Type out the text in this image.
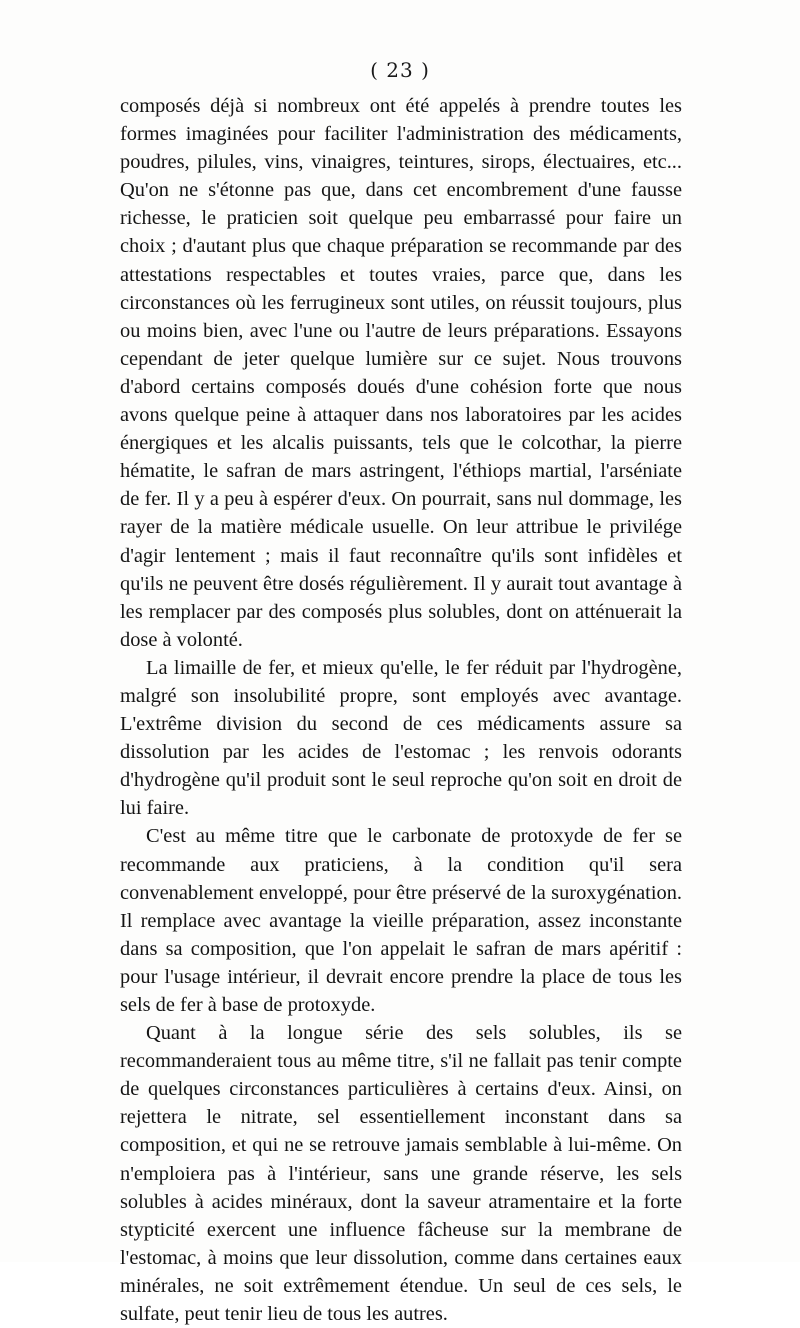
( 23 )

composés déjà si nombreux ont été appelés à prendre toutes les formes imaginées pour faciliter l'administration des médicaments, poudres, pilules, vins, vinaigres, teintures, sirops, électuaires, etc... Qu'on ne s'étonne pas que, dans cet encombrement d'une fausse richesse, le praticien soit quelque peu embarrassé pour faire un choix ; d'autant plus que chaque préparation se recommande par des attestations respectables et toutes vraies, parce que, dans les circonstances où les ferrugineux sont utiles, on réussit toujours, plus ou moins bien, avec l'une ou l'autre de leurs préparations. Essayons cependant de jeter quelque lumière sur ce sujet. Nous trouvons d'abord certains composés doués d'une cohésion forte que nous avons quelque peine à attaquer dans nos laboratoires par les acides énergiques et les alcalis puissants, tels que le colcothar, la pierre hématite, le safran de mars astringent, l'éthiops martial, l'arséniate de fer. Il y a peu à espérer d'eux. On pourrait, sans nul dommage, les rayer de la matière médicale usuelle. On leur attribue le privilége d'agir lentement ; mais il faut reconnaître qu'ils sont infidèles et qu'ils ne peuvent être dosés régulièrement. Il y aurait tout avantage à les remplacer par des composés plus solubles, dont on atténuerait la dose à volonté.

La limaille de fer, et mieux qu'elle, le fer réduit par l'hydrogène, malgré son insolubilité propre, sont employés avec avantage. L'extrême division du second de ces médicaments assure sa dissolution par les acides de l'estomac ; les renvois odorants d'hydrogène qu'il produit sont le seul reproche qu'on soit en droit de lui faire.

C'est au même titre que le carbonate de protoxyde de fer se recommande aux praticiens, à la condition qu'il sera convenablement enveloppé, pour être préservé de la suroxygénation. Il remplace avec avantage la vieille préparation, assez inconstante dans sa composition, que l'on appelait le safran de mars apéritif : pour l'usage intérieur, il devrait encore prendre la place de tous les sels de fer à base de protoxyde.

Quant à la longue série des sels solubles, ils se recommanderaient tous au même titre, s'il ne fallait pas tenir compte de quelques circonstances particulières à certains d'eux. Ainsi, on rejettera le nitrate, sel essentiellement inconstant dans sa composition, et qui ne se retrouve jamais semblable à lui-même. On n'emploiera pas à l'intérieur, sans une grande réserve, les sels solubles à acides minéraux, dont la saveur atramentaire et la forte stypticité exercent une influence fâcheuse sur la membrane de l'estomac, à moins que leur dissolution, comme dans certaines eaux minérales, ne soit extrêmement étendue. Un seul de ces sels, le sulfate, peut tenir lieu de tous les autres.
